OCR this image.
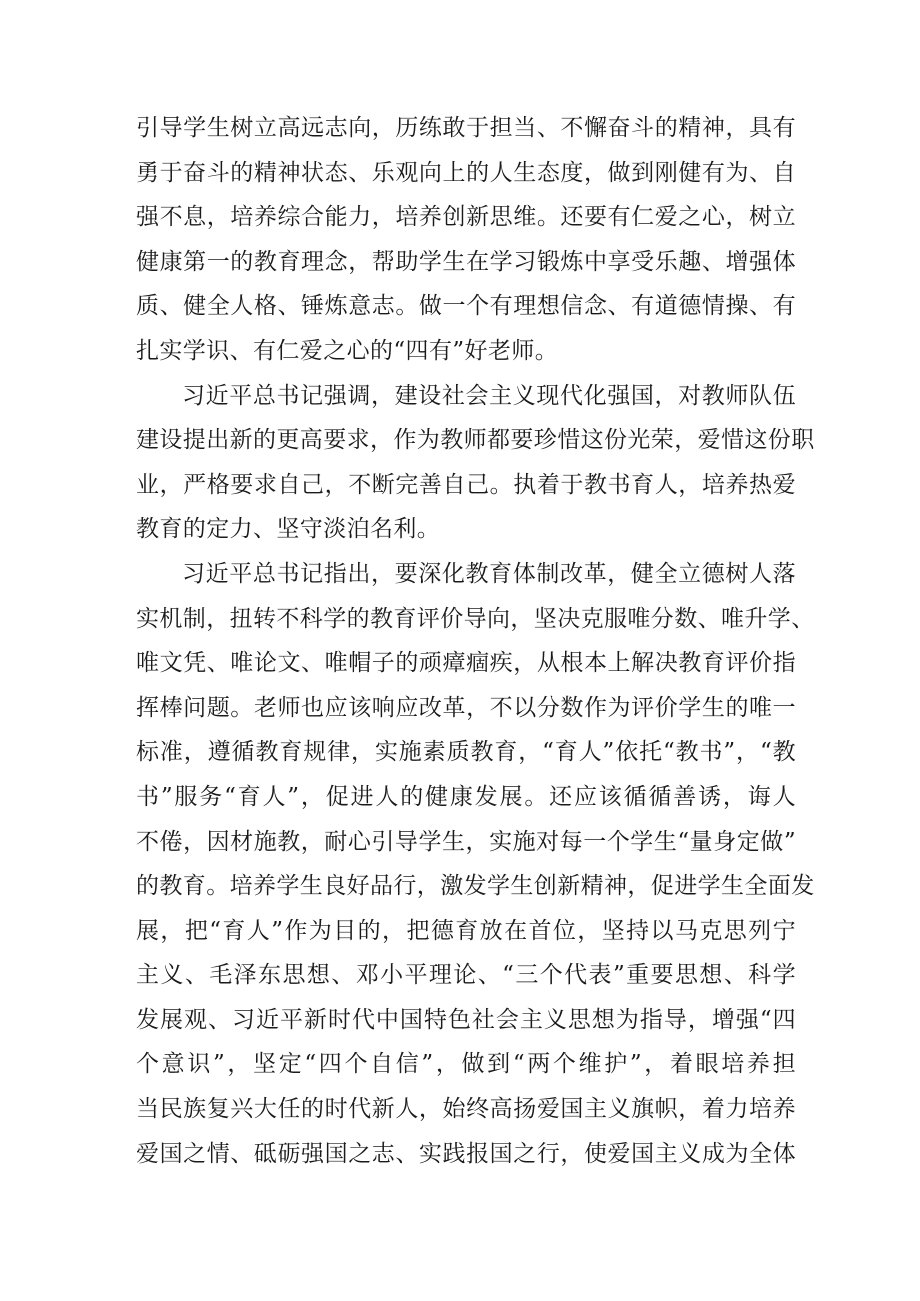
引导学生树立高远志向，历练敢于担当、不懈奋斗的精神，具有
勇于奋斗的精神状态、乐观向上的人生态度，做到刚健有为、自
强不息，培养综合能力，培养创新思维。还要有仁爱之心，树立
健康第一的教育理念，帮助学生在学习锻炼中享受乐趣、增强体
质、健全人格、锤炼意志。做一个有理想信念、有道德情操、有
扎实学识、有仁爱之心的“四有”好老师。
习近平总书记强调，建设社会主义现代化强国，对教师队伍
建设提出新的更高要求，作为教师都要珍惜这份光荣，爱惜这份职
业，严格要求自己，不断完善自己。执着于教书育人，培养热爱
教育的定力、坚守淡泊名利。
习近平总书记指出，要深化教育体制改革，健全立德树人落
实机制，扭转不科学的教育评价导向，坚决克服唯分数、唯升学、
唯文凭、唯论文、唯帽子的顽瘴痼疾，从根本上解决教育评价指
挥棒问题。老师也应该响应改革，不以分数作为评价学生的唯一
标准，遵循教育规律，实施素质教育，“育人”依托“教书”，“教
书”服务“育人”，促进人的健康发展。还应该循循善诱，诲人
不倦，因材施教，耐心引导学生，实施对每一个学生“量身定做”
的教育。培养学生良好品行，激发学生创新精神，促进学生全面发
展，把“育人”作为目的，把德育放在首位，坚持以马克思列宁
主义、毛泽东思想、邓小平理论、“三个代表”重要思想、科学
发展观、习近平新时代中国特色社会主义思想为指导，增强“四
个意识”，坚定“四个自信”，做到“两个维护”，着眼培养担
当民族复兴大任的时代新人，始终高扬爱国主义旗帜，着力培养
爱国之情、砥砺强国之志、实践报国之行，使爱国主义成为全体
